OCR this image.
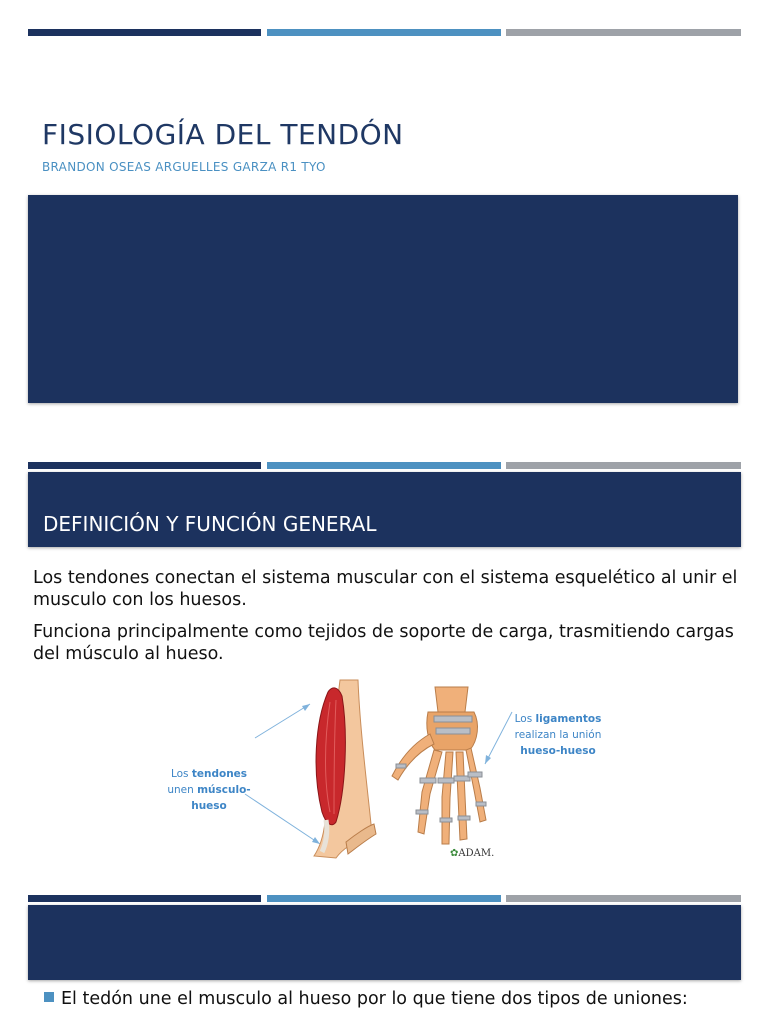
FISIOLOGÍA DEL TENDÓN

BRANDON OSEAS ARGUELLES GARZA R1 TYO

DEFINICIÓN Y FUNCIÓN GENERAL

Los tendones conectan el sistema muscular con el sistema esquelético al unir el musculo con los huesos.

Funciona principalmente como tejidos de soporte de carga, trasmitiendo cargas del músculo al hueso.

Los tendones
unen músculo-
hueso

Los ligamentos
realizan la unión
hueso-hueso

✿ADAM.

El tedón une el musculo al hueso por lo que tiene dos tipos de uniones:
